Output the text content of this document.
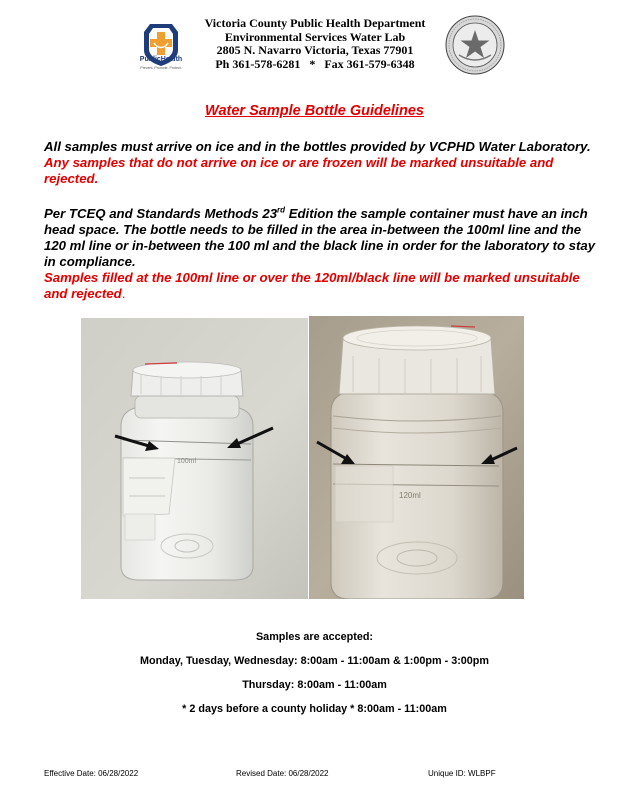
PublicHealth
Prevent. Promote. Protect.
Victoria County Public Health Department
Environmental Services Water Lab
2805 N. Navarro Victoria, Texas 77901
Ph 361-578-6281   *   Fax 361-579-6348
Water Sample Bottle Guidelines
All samples must arrive on ice and in the bottles provided by VCPHD Water Laboratory. Any samples that do not arrive on ice or are frozen will be marked unsuitable and rejected.
Per TCEQ and Standards Methods 23rd Edition the sample container must have an inch head space. The bottle needs to be filled in the area in-between the 100ml line and the 120 ml line or in-between the 100 ml and the black line in order for the laboratory to stay in compliance.
Samples filled at the 100ml line or over the 120ml/black line will be marked unsuitable and rejected.
100ml
120ml
Samples are accepted:
Monday, Tuesday, Wednesday: 8:00am - 11:00am & 1:00pm - 3:00pm
Thursday: 8:00am - 11:00am
* 2 days before a county holiday * 8:00am - 11:00am
Effective Date: 06/28/2022	Revised Date: 06/28/2022	Unique ID: WLBPF
